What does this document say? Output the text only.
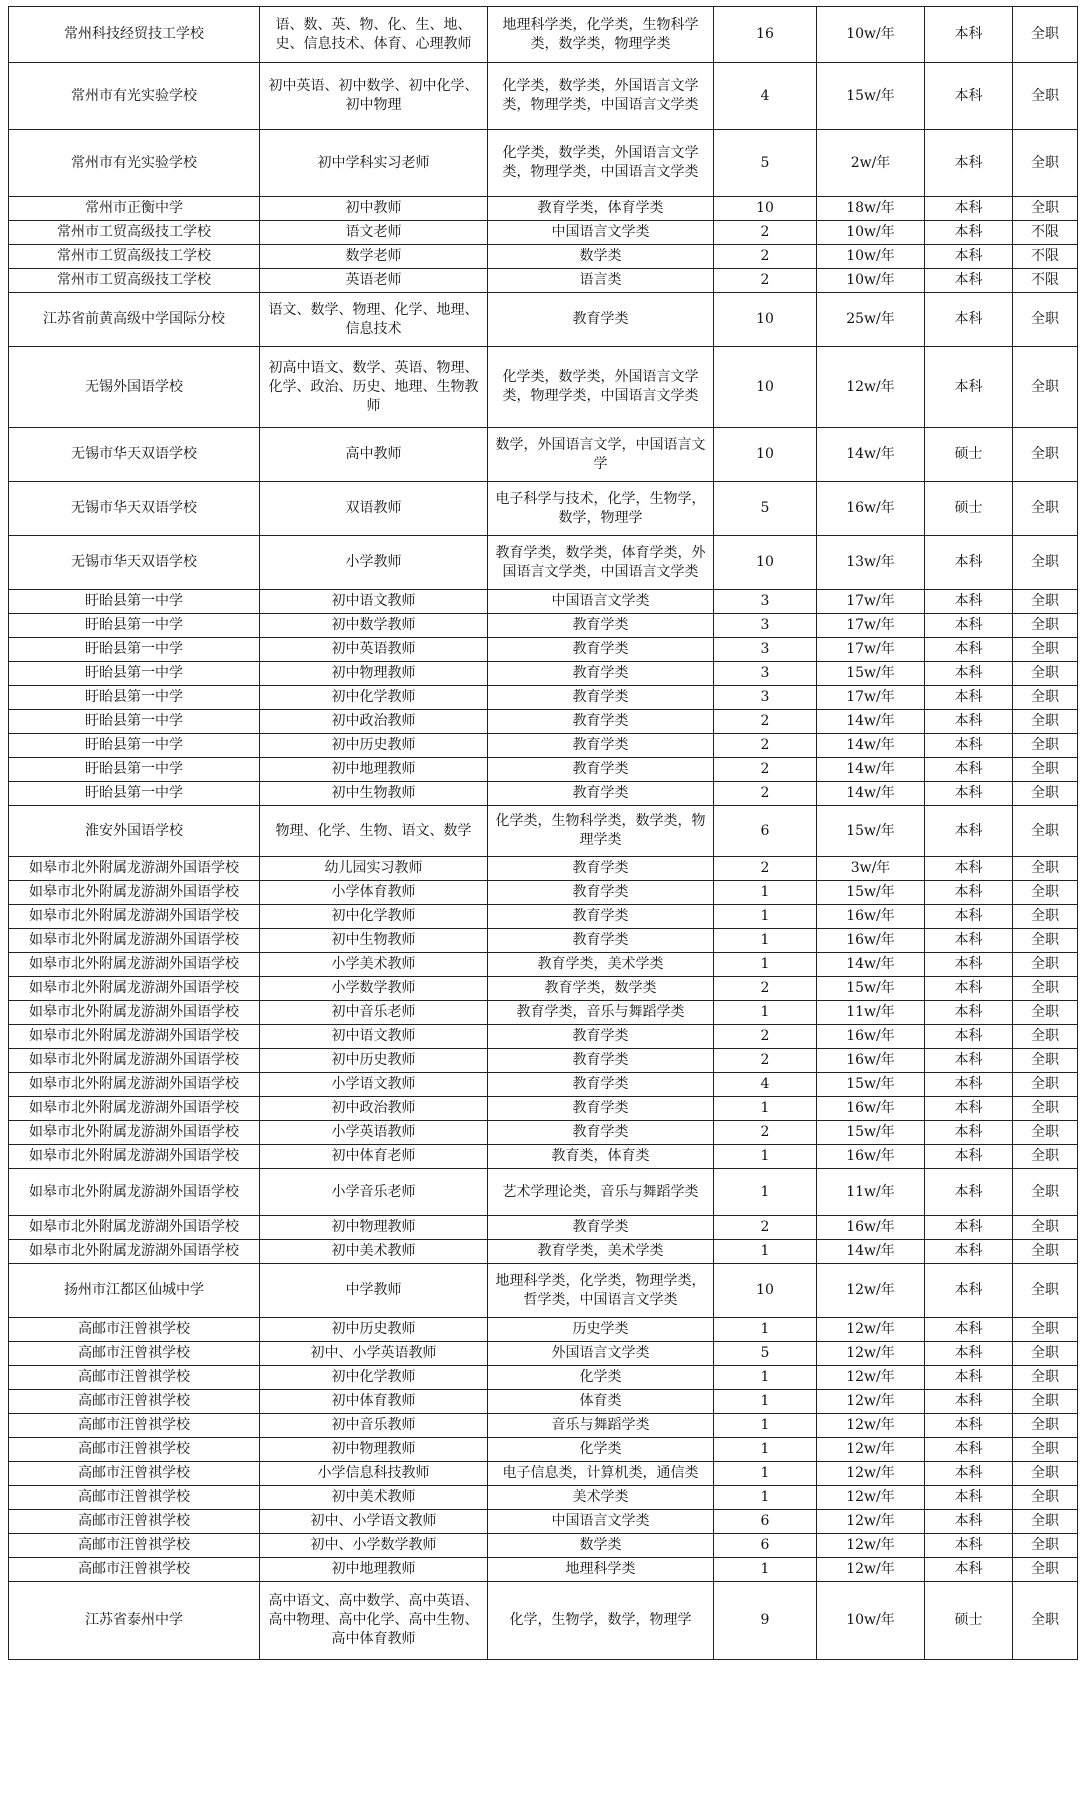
常州科技经贸技工学校	语、数、英、物、化、生、地、史、信息技术、体育、心理教师	地理科学类，化学类，生物科学类，数学类，物理学类	16	10w/年	本科	全职
常州市有光实验学校	初中英语、初中数学、初中化学、初中物理	化学类，数学类，外国语言文学类，物理学类，中国语言文学类	4	15w/年	本科	全职
常州市有光实验学校	初中学科实习老师	化学类，数学类，外国语言文学类，物理学类，中国语言文学类	5	2w/年	本科	全职
常州市正衡中学	初中教师	教育学类，体育学类	10	18w/年	本科	全职
常州市工贸高级技工学校	语文老师	中国语言文学类	2	10w/年	本科	不限
常州市工贸高级技工学校	数学老师	数学类	2	10w/年	本科	不限
常州市工贸高级技工学校	英语老师	语言类	2	10w/年	本科	不限
江苏省前黄高级中学国际分校	语文、数学、物理、化学、地理、信息技术	教育学类	10	25w/年	本科	全职
无锡外国语学校	初高中语文、数学、英语、物理、化学、政治、历史、地理、生物教师	化学类，数学类，外国语言文学类，物理学类，中国语言文学类	10	12w/年	本科	全职
无锡市华天双语学校	高中教师	数学，外国语言文学，中国语言文学	10	14w/年	硕士	全职
无锡市华天双语学校	双语教师	电子科学与技术，化学，生物学，数学，物理学	5	16w/年	硕士	全职
无锡市华天双语学校	小学教师	教育学类，数学类，体育学类，外国语言文学类，中国语言文学类	10	13w/年	本科	全职
盱眙县第一中学	初中语文教师	中国语言文学类	3	17w/年	本科	全职
盱眙县第一中学	初中数学教师	教育学类	3	17w/年	本科	全职
盱眙县第一中学	初中英语教师	教育学类	3	17w/年	本科	全职
盱眙县第一中学	初中物理教师	教育学类	3	15w/年	本科	全职
盱眙县第一中学	初中化学教师	教育学类	3	17w/年	本科	全职
盱眙县第一中学	初中政治教师	教育学类	2	14w/年	本科	全职
盱眙县第一中学	初中历史教师	教育学类	2	14w/年	本科	全职
盱眙县第一中学	初中地理教师	教育学类	2	14w/年	本科	全职
盱眙县第一中学	初中生物教师	教育学类	2	14w/年	本科	全职
淮安外国语学校	物理、化学、生物、语文、数学	化学类，生物科学类，数学类，物理学类	6	15w/年	本科	全职
如皋市北外附属龙游湖外国语学校	幼儿园实习教师	教育学类	2	3w/年	本科	全职
如皋市北外附属龙游湖外国语学校	小学体育教师	教育学类	1	15w/年	本科	全职
如皋市北外附属龙游湖外国语学校	初中化学教师	教育学类	1	16w/年	本科	全职
如皋市北外附属龙游湖外国语学校	初中生物教师	教育学类	1	16w/年	本科	全职
如皋市北外附属龙游湖外国语学校	小学美术教师	教育学类，美术学类	1	14w/年	本科	全职
如皋市北外附属龙游湖外国语学校	小学数学教师	教育学类，数学类	2	15w/年	本科	全职
如皋市北外附属龙游湖外国语学校	初中音乐老师	教育学类，音乐与舞蹈学类	1	11w/年	本科	全职
如皋市北外附属龙游湖外国语学校	初中语文教师	教育学类	2	16w/年	本科	全职
如皋市北外附属龙游湖外国语学校	初中历史教师	教育学类	2	16w/年	本科	全职
如皋市北外附属龙游湖外国语学校	小学语文教师	教育学类	4	15w/年	本科	全职
如皋市北外附属龙游湖外国语学校	初中政治教师	教育学类	1	16w/年	本科	全职
如皋市北外附属龙游湖外国语学校	小学英语教师	教育学类	2	15w/年	本科	全职
如皋市北外附属龙游湖外国语学校	初中体育老师	教育类，体育类	1	16w/年	本科	全职
如皋市北外附属龙游湖外国语学校	小学音乐老师	艺术学理论类，音乐与舞蹈学类	1	11w/年	本科	全职
如皋市北外附属龙游湖外国语学校	初中物理教师	教育学类	2	16w/年	本科	全职
如皋市北外附属龙游湖外国语学校	初中美术教师	教育学类，美术学类	1	14w/年	本科	全职
扬州市江都区仙城中学	中学教师	地理科学类，化学类，物理学类，哲学类，中国语言文学类	10	12w/年	本科	全职
高邮市汪曾祺学校	初中历史教师	历史学类	1	12w/年	本科	全职
高邮市汪曾祺学校	初中、小学英语教师	外国语言文学类	5	12w/年	本科	全职
高邮市汪曾祺学校	初中化学教师	化学类	1	12w/年	本科	全职
高邮市汪曾祺学校	初中体育教师	体育类	1	12w/年	本科	全职
高邮市汪曾祺学校	初中音乐教师	音乐与舞蹈学类	1	12w/年	本科	全职
高邮市汪曾祺学校	初中物理教师	化学类	1	12w/年	本科	全职
高邮市汪曾祺学校	小学信息科技教师	电子信息类，计算机类，通信类	1	12w/年	本科	全职
高邮市汪曾祺学校	初中美术教师	美术学类	1	12w/年	本科	全职
高邮市汪曾祺学校	初中、小学语文教师	中国语言文学类	6	12w/年	本科	全职
高邮市汪曾祺学校	初中、小学数学教师	数学类	6	12w/年	本科	全职
高邮市汪曾祺学校	初中地理教师	地理科学类	1	12w/年	本科	全职
江苏省泰州中学	高中语文、高中数学、高中英语、高中物理、高中化学、高中生物、高中体育教师	化学，生物学，数学，物理学	9	10w/年	硕士	全职
